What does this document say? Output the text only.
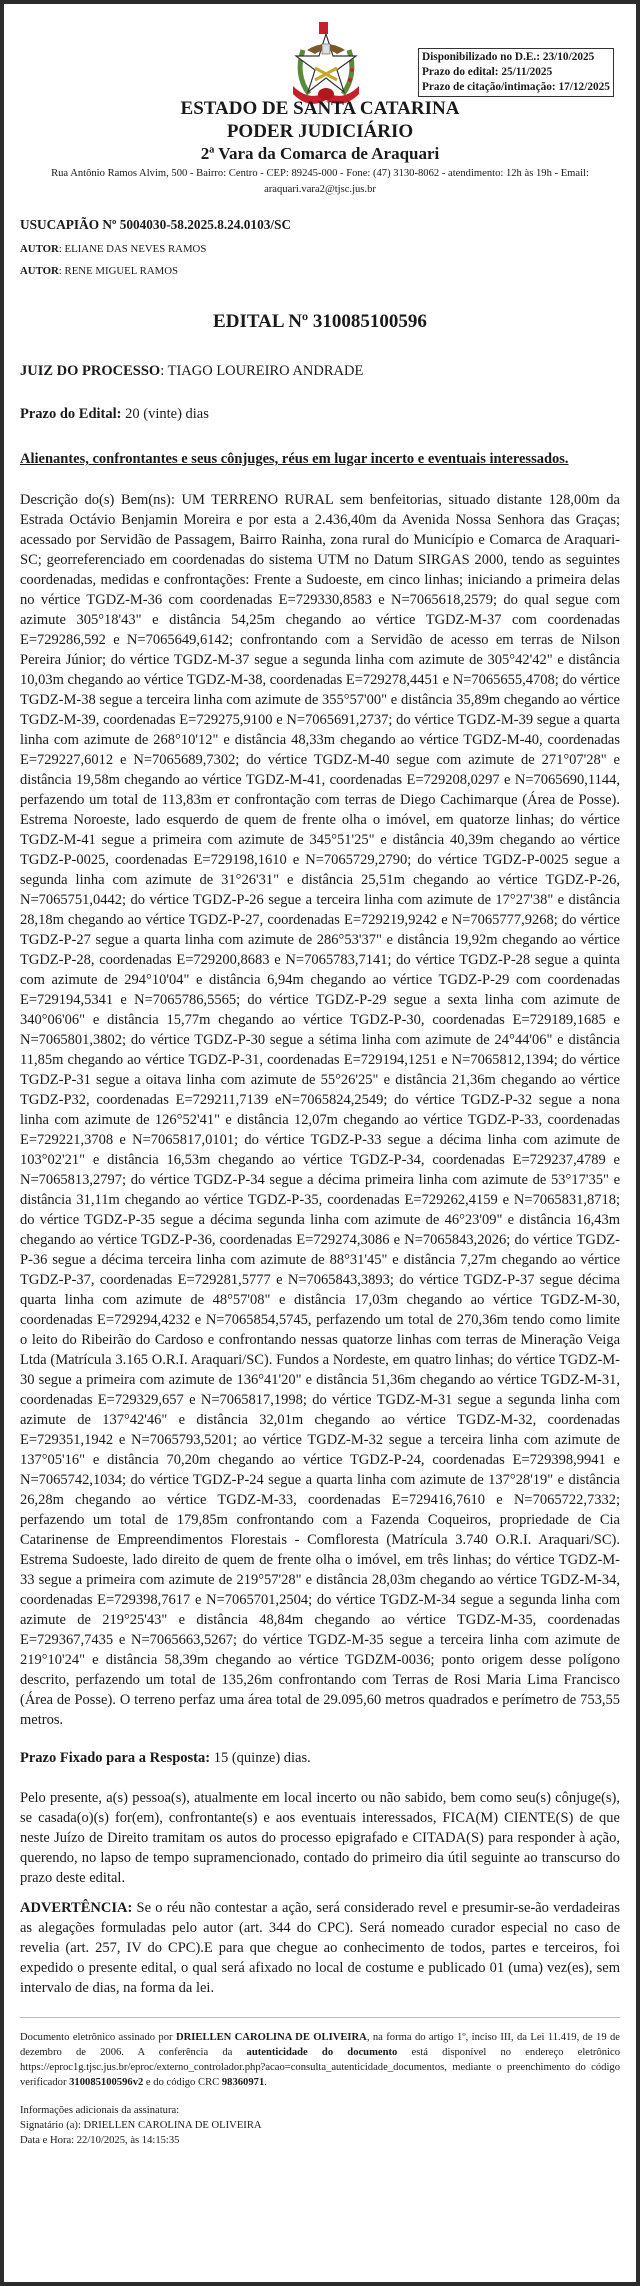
Disponibilizado no D.E.: 23/10/2025
Prazo do edital: 25/11/2025
Prazo de citação/intimação: 17/12/2025
ESTADO DE SANTA CATARINA
PODER JUDICIÁRIO
2ª Vara da Comarca de Araquari
Rua Antônio Ramos Alvim, 500 - Bairro: Centro - CEP: 89245-000 - Fone: (47) 3130-8062 - atendimento: 12h às 19h - Email: araquari.vara2@tjsc.jus.br
USUCAPIÃO Nº 5004030-58.2025.8.24.0103/SC
AUTOR: ELIANE DAS NEVES RAMOS
AUTOR: RENE MIGUEL RAMOS
EDITAL Nº 310085100596
JUIZ DO PROCESSO: TIAGO LOUREIRO ANDRADE
Prazo do Edital: 20 (vinte) dias
Alienantes, confrontantes e seus cônjuges, réus em lugar incerto e eventuais interessados.
Descrição do(s) Bem(ns): UM TERRENO RURAL sem benfeitorias, situado distante 128,00m da Estrada Octávio Benjamin Moreira e por esta a 2.436,40m da Avenida Nossa Senhora das Graças; acessado por Servidão de Passagem, Bairro Rainha, zona rural do Município e Comarca de Araquari-SC; georreferenciado em coordenadas do sistema UTM no Datum SIRGAS 2000, tendo as seguintes coordenadas, medidas e confrontações: Frente a Sudoeste, em cinco linhas; iniciando a primeira delas no vértice TGDZ-M-36 com coordenadas E=729330,8583 e N=7065618,2579; do qual segue com azimute 305°18'43" e distância 54,25m chegando ao vértice TGDZ-M-37 com coordenadas E=729286,592 e N=7065649,6142; confrontando com a Servidão de acesso em terras de Nilson Pereira Júnior; do vértice TGDZ-M-37 segue a segunda linha com azimute de 305°42'42" e distância 10,03m chegando ao vértice TGDZ-M-38, coordenadas E=729278,4451 e N=7065655,4708; do vértice TGDZ-M-38 segue a terceira linha com azimute de 355°57'00" e distância 35,89m chegando ao vértice TGDZ-M-39, coordenadas E=729275,9100 e N=7065691,2737; do vértice TGDZ-M-39 segue a quarta linha com azimute de 268°10'12" e distância 48,33m chegando ao vértice TGDZ-M-40, coordenadas E=729227,6012 e N=7065689,7302; do vértice TGDZ-M-40 segue com azimute de 271°07'28" e distância 19,58m chegando ao vértice TGDZ-M-41, coordenadas E=729208,0297 e N=7065690,1144, perfazendo um total de 113,83m eт confrontação com terras de Diego Cachimarque (Área de Posse). Estrema Noroeste, lado esquerdo de quem de frente olha o imóvel, em quatorze linhas; do vértice TGDZ-M-41 segue a primeira com azimute de 345°51'25" e distância 40,39m chegando ao vértice TGDZ-P-0025, coordenadas E=729198,1610 e N=7065729,2790; do vértice TGDZ-P-0025 segue a segunda linha com azimute de 31°26'31" e distância 25,51m chegando ao vértice TGDZ-P-26, N=7065751,0442; do vértice TGDZ-P-26 segue a terceira linha com azimute de 17°27'38" e distância 28,18m chegando ao vértice TGDZ-P-27, coordenadas E=729219,9242 e N=7065777,9268; do vértice TGDZ-P-27 segue a quarta linha com azimute de 286°53'37" e distância 19,92m chegando ao vértice TGDZ-P-28, coordenadas E=729200,8683 e N=7065783,7141; do vértice TGDZ-P-28 segue a quinta com azimute de 294°10'04" e distância 6,94m chegando ao vértice TGDZ-P-29 com coordenadas E=729194,5341 e N=7065786,5565; do vértice TGDZ-P-29 segue a sexta linha com azimute de 340°06'06" e distância 15,77m chegando ao vértice TGDZ-P-30, coordenadas E=729189,1685 e N=7065801,3802; do vértice TGDZ-P-30 segue a sétima linha com azimute de 24°44'06" e distância 11,85m chegando ao vértice TGDZ-P-31, coordenadas E=729194,1251 e N=7065812,1394; do vértice TGDZ-P-31 segue a oitava linha com azimute de 55°26'25" e distância 21,36m chegando ao vértice TGDZ-P32, coordenadas E=729211,7139 eN=7065824,2549; do vértice TGDZ-P-32 segue a nona linha com azimute de 126°52'41" e distância 12,07m chegando ao vértice TGDZ-P-33, coordenadas E=729221,3708 e N=7065817,0101; do vértice TGDZ-P-33 segue a décima linha com azimute de 103°02'21" e distância 16,53m chegando ao vértice TGDZ-P-34, coordenadas E=729237,4789 e N=7065813,2797; do vértice TGDZ-P-34 segue a décima primeira linha com azimute de 53°17'35" e distância 31,11m chegando ao vértice TGDZ-P-35, coordenadas E=729262,4159 e N=7065831,8718; do vértice TGDZ-P-35 segue a décima segunda linha com azimute de 46°23'09" e distância 16,43m chegando ao vértice TGDZ-P-36, coordenadas E=729274,3086 e N=7065843,2026; do vértice TGDZ-P-36 segue a décima terceira linha com azimute de 88°31'45" e distância 7,27m chegando ao vértice TGDZ-P-37, coordenadas E=729281,5777 e N=7065843,3893; do vértice TGDZ-P-37 segue décima quarta linha com azimute de 48°57'08" e distância 17,03m chegando ao vértice TGDZ-M-30, coordenadas E=729294,4232 e N=7065854,5745, perfazendo um total de 270,36m tendo como limite o leito do Ribeirão do Cardoso e confrontando nessas quatorze linhas com terras de Mineração Veiga Ltda (Matrícula 3.165 O.R.I. Araquari/SC). Fundos a Nordeste, em quatro linhas; do vértice TGDZ-M-30 segue a primeira com azimute de 136°41'20" e distância 51,36m chegando ao vértice TGDZ-M-31, coordenadas E=729329,657 e N=7065817,1998; do vértice TGDZ-M-31 segue a segunda linha com azimute de 137°42'46" e distância 32,01m chegando ao vértice TGDZ-M-32, coordenadas E=729351,1942 e N=7065793,5201; ao vértice TGDZ-M-32 segue a terceira linha com azimute de 137°05'16" e distância 70,20m chegando ao vértice TGDZ-P-24, coordenadas E=729398,9941 e N=7065742,1034; do vértice TGDZ-P-24 segue a quarta linha com azimute de 137°28'19" e distância 26,28m chegando ao vértice TGDZ-M-33, coordenadas E=729416,7610 e N=7065722,7332; perfazendo um total de 179,85m confrontando com a Fazenda Coqueiros, propriedade de Cia Catarinense de Empreendimentos Florestais - Comfloresta (Matrícula 3.740 O.R.I. Araquari/SC). Estrema Sudoeste, lado direito de quem de frente olha o imóvel, em três linhas; do vértice TGDZ-M-33 segue a primeira com azimute de 219°57'28" e distância 28,03m chegando ao vértice TGDZ-M-34, coordenadas E=729398,7617 e N=7065701,2504; do vértice TGDZ-M-34 segue a segunda linha com azimute de 219°25'43" e distância 48,84m chegando ao vértice TGDZ-M-35, coordenadas E=729367,7435 e N=7065663,5267; do vértice TGDZ-M-35 segue a terceira linha com azimute de 219°10'24" e distância 58,39m chegando ao vértice TGDZM-0036; ponto origem desse polígono descrito, perfazendo um total de 135,26m confrontando com Terras de Rosi Maria Lima Francisco (Área de Posse). O terreno perfaz uma área total de 29.095,60 metros quadrados e perímetro de 753,55 metros.
Prazo Fixado para a Resposta: 15 (quinze) dias.
Pelo presente, a(s) pessoa(s), atualmente em local incerto ou não sabido, bem como seu(s) cônjuge(s), se casada(o)(s) for(em), confrontante(s) e aos eventuais interessados, FICA(M) CIENTE(S) de que neste Juízo de Direito tramitam os autos do processo epigrafado e CITADA(S) para responder à ação, querendo, no lapso de tempo supramencionado, contado do primeiro dia útil seguinte ao transcurso do prazo deste edital.
ADVERTÊNCIA: Se o réu não contestar a ação, será considerado revel e presumir-se-ão verdadeiras as alegações formuladas pelo autor (art. 344 do CPC). Será nomeado curador especial no caso de revelia (art. 257, IV do CPC).E para que chegue ao conhecimento de todos, partes e terceiros, foi expedido o presente edital, o qual será afixado no local de costume e publicado 01 (uma) vez(es), sem intervalo de dias, na forma da lei.
Documento eletrônico assinado por DRIELLEN CAROLINA DE OLIVEIRA, na forma do artigo 1º, inciso III, da Lei 11.419, de 19 de dezembro de 2006. A conferência da autenticidade do documento está disponível no endereço eletrônico https://eproc1g.tjsc.jus.br/eproc/externo_controlador.php?acao=consulta_autenticidade_documentos, mediante o preenchimento do código verificador 310085100596v2 e do código CRC 98360971.
Informações adicionais da assinatura:
Signatário (a): DRIELLEN CAROLINA DE OLIVEIRA
Data e Hora: 22/10/2025, às 14:15:35
